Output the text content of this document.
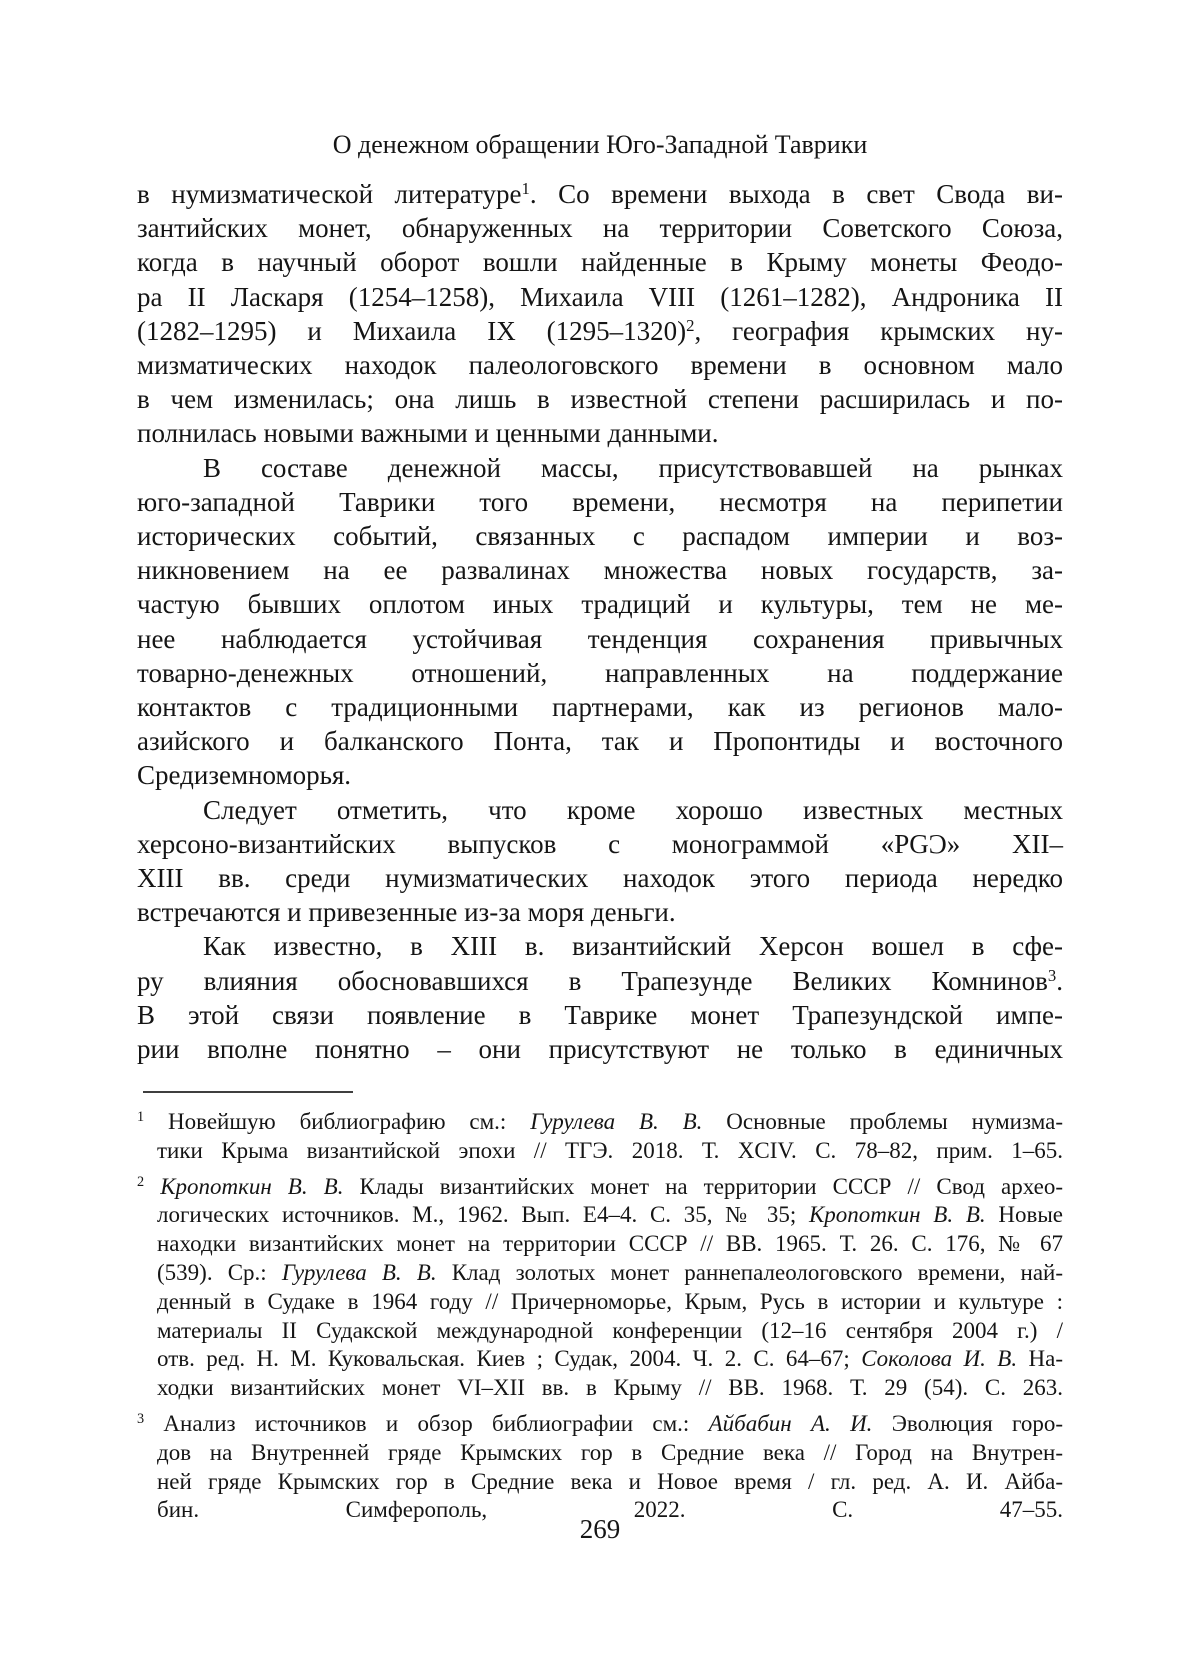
О денежном обращении Юго-Западной Таврики
в нумизматической литературе$^1$. Со времени выхода в свет Свода ви-
зантийских монет, обнаруженных на территории Советского Союза,
когда в научный оборот вошли найденные в Крыму монеты Феодо-
ра II Ласкаря (1254–1258), Михаила VIII (1261–1282), Андроника II
(1282–1295) и Михаила IX (1295–1320)$^2$, география крымских ну-
мизматических находок палеологовского времени в основном мало
в чем изменилась; она лишь в известной степени расширилась и по-
полнилась новыми важными и ценными данными.
В составе денежной массы, присутствовавшей на рынках
юго-западной Таврики того времени, несмотря на перипетии
исторических событий, связанных с распадом империи и воз-
никновением на ее развалинах множества новых государств, за-
частую бывших оплотом иных традиций и культуры, тем не ме-
нее наблюдается устойчивая тенденция сохранения привычных
товарно-денежных отношений, направленных на поддержание
контактов с традиционными партнерами, как из регионов мало-
азийского и балканского Понта, так и Пропонтиды и восточного
Средиземноморья.
Следует отметить, что кроме хорошо известных местных
херсоно-византийских выпусков с монограммой «PGϽ» XII–
XIII вв. среди нумизматических находок этого периода нередко
встречаются и привезенные из-за моря деньги.
Как известно, в XIII в. византийский Херсон вошел в сфе-
ру влияния обосновавшихся в Трапезунде Великих Комнинов$^3$.
В этой связи появление в Таврике монет Трапезундской импе-
рии вполне понятно – они присутствуют не только в единичных
$^1$ Новейшую библиографию см.: Гурулева В. В. Основные проблемы нумизма-
тики Крыма византийской эпохи // ТГЭ. 2018. Т. XCIV. С. 78–82, прим. 1–65.
$^2$ Кропоткин В. В. Клады византийских монет на территории СССР // Свод архео-
логических источников. М., 1962. Вып. Е4–4. С. 35, № 35; Кропоткин В. В. Новые
находки византийских монет на территории СССР // ВВ. 1965. Т. 26. С. 176, № 67
(539). Ср.: Гурулева В. В. Клад золотых монет раннепалеологовского времени, най-
денный в Судаке в 1964 году // Причерноморье, Крым, Русь в истории и культуре :
материалы II Судакской международной конференции (12–16 сентября 2004 г.) /
отв. ред. Н. М. Куковальская. Киев ; Судак, 2004. Ч. 2. С. 64–67; Соколова И. В. На-
ходки византийских монет VI–XII вв. в Крыму // ВВ. 1968. Т. 29 (54). С. 263.
$^3$ Анализ источников и обзор библиографии см.: Айбабин А. И. Эволюция горо-
дов на Внутренней гряде Крымских гор в Средние века // Город на Внутрен-
ней гряде Крымских гор в Средние века и Новое время / гл. ред. А. И. Айба-
бин. Симферополь, 2022. С. 47–55.
269
